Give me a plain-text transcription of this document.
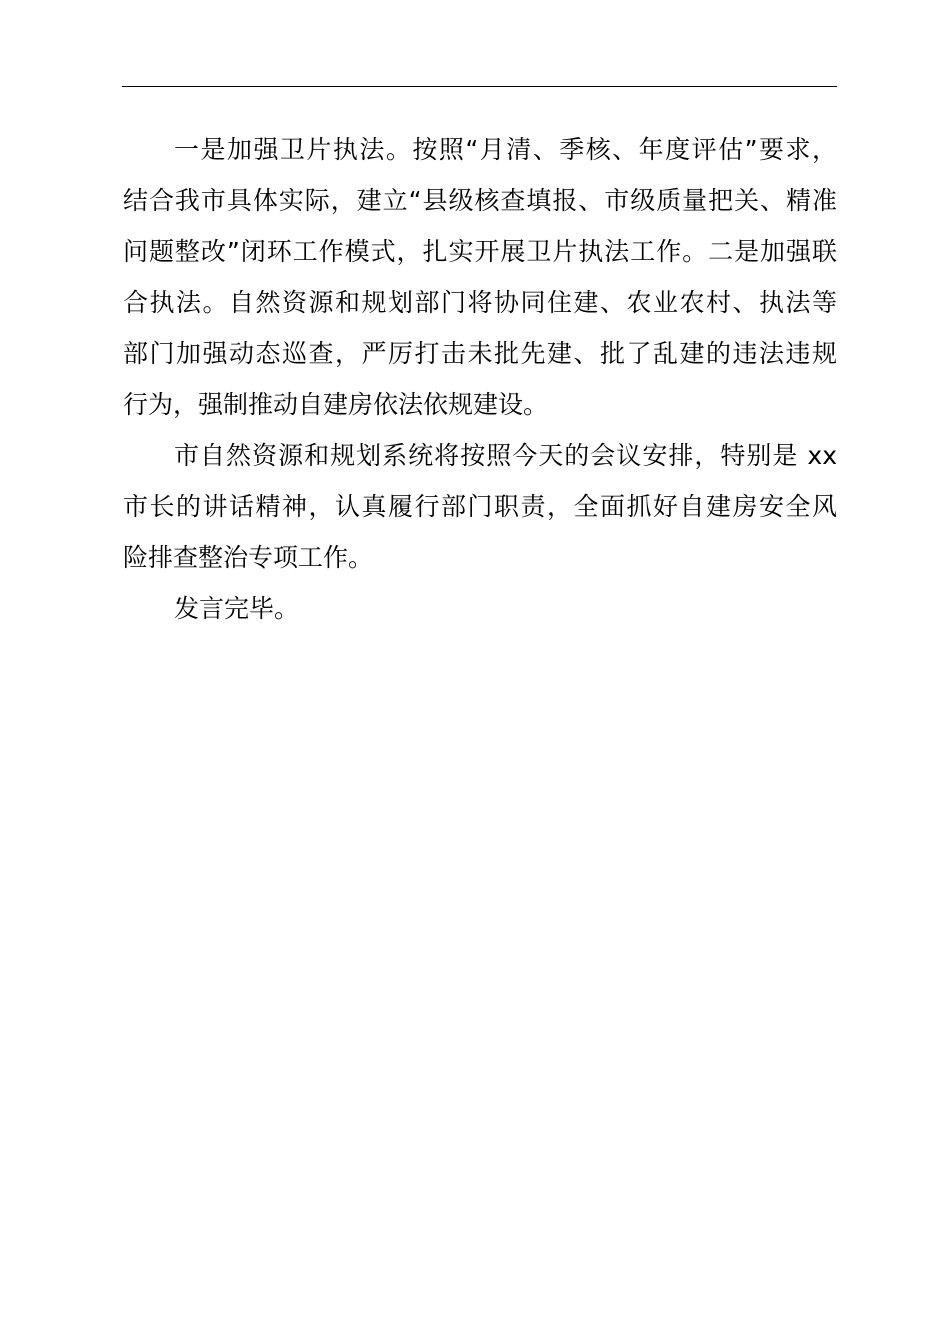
一是加强卫片执法。按照“月清、季核、年度评估”要求，
结合我市具体实际，建立“县级核查填报、市级质量把关、精准
问题整改”闭环工作模式，扎实开展卫片执法工作。二是加强联
合执法。自然资源和规划部门将协同住建、农业农村、执法等
部门加强动态巡查，严厉打击未批先建、批了乱建的违法违规
行为，强制推动自建房依法依规建设。
市自然资源和规划系统将按照今天的会议安排，特别是 xx
市长的讲话精神，认真履行部门职责，全面抓好自建房安全风
险排查整治专项工作。
发言完毕。
